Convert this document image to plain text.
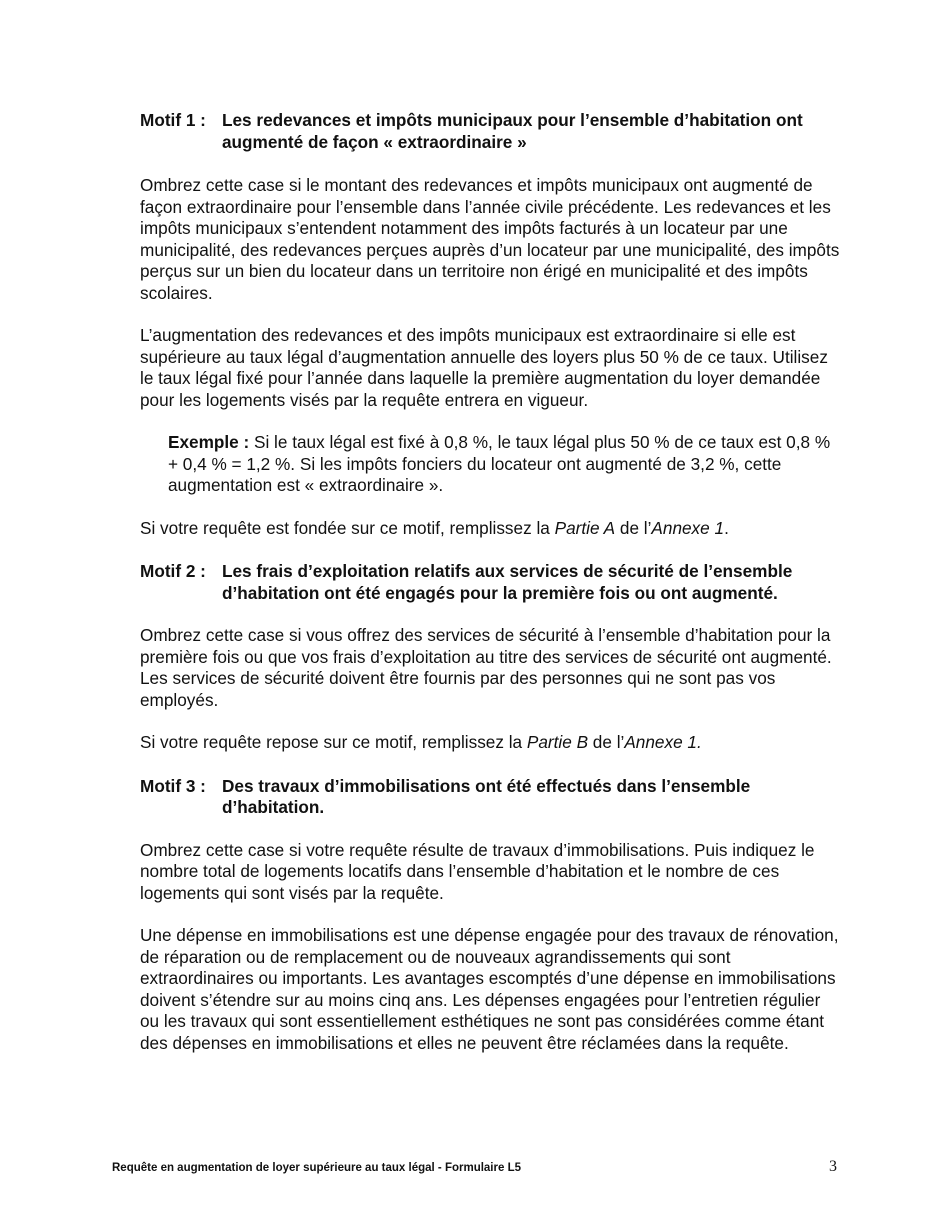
Motif 1 : Les redevances et impôts municipaux pour l’ensemble d’habitation ont augmenté de façon « extraordinaire »

Ombrez cette case si le montant des redevances et impôts municipaux ont augmenté de façon extraordinaire pour l’ensemble dans l’année civile précédente. Les redevances et les impôts municipaux s’entendent notamment des impôts facturés à un locateur par une municipalité, des redevances perçues auprès d’un locateur par une municipalité, des impôts perçus sur un bien du locateur dans un territoire non érigé en municipalité et des impôts scolaires.

L’augmentation des redevances et des impôts municipaux est extraordinaire si elle est supérieure au taux légal d’augmentation annuelle des loyers plus 50 % de ce taux. Utilisez le taux légal fixé pour l’année dans laquelle la première augmentation du loyer demandée pour les logements visés par la requête entrera en vigueur.

Exemple : Si le taux légal est fixé à 0,8 %, le taux légal plus 50 % de ce taux est 0,8 % + 0,4 % = 1,2 %. Si les impôts fonciers du locateur ont augmenté de 3,2 %, cette augmentation est « extraordinaire ».

Si votre requête est fondée sur ce motif, remplissez la Partie A de l’Annexe 1.

Motif 2 : Les frais d’exploitation relatifs aux services de sécurité de l’ensemble d’habitation ont été engagés pour la première fois ou ont augmenté.

Ombrez cette case si vous offrez des services de sécurité à l’ensemble d’habitation pour la première fois ou que vos frais d’exploitation au titre des services de sécurité ont augmenté. Les services de sécurité doivent être fournis par des personnes qui ne sont pas vos employés.

Si votre requête repose sur ce motif, remplissez la Partie B de l’Annexe 1.

Motif 3 : Des travaux d’immobilisations ont été effectués dans l’ensemble d’habitation.

Ombrez cette case si votre requête résulte de travaux d’immobilisations. Puis indiquez le nombre total de logements locatifs dans l’ensemble d’habitation et le nombre de ces logements qui sont visés par la requête.

Une dépense en immobilisations est une dépense engagée pour des travaux de rénovation, de réparation ou de remplacement ou de nouveaux agrandissements qui sont extraordinaires ou importants. Les avantages escomptés d’une dépense en immobilisations doivent s’étendre sur au moins cinq ans. Les dépenses engagées pour l’entretien régulier ou les travaux qui sont essentiellement esthétiques ne sont pas considérées comme étant des dépenses en immobilisations et elles ne peuvent être réclamées dans la requête.

Requête en augmentation de loyer supérieure au taux légal - Formulaire L5	3
